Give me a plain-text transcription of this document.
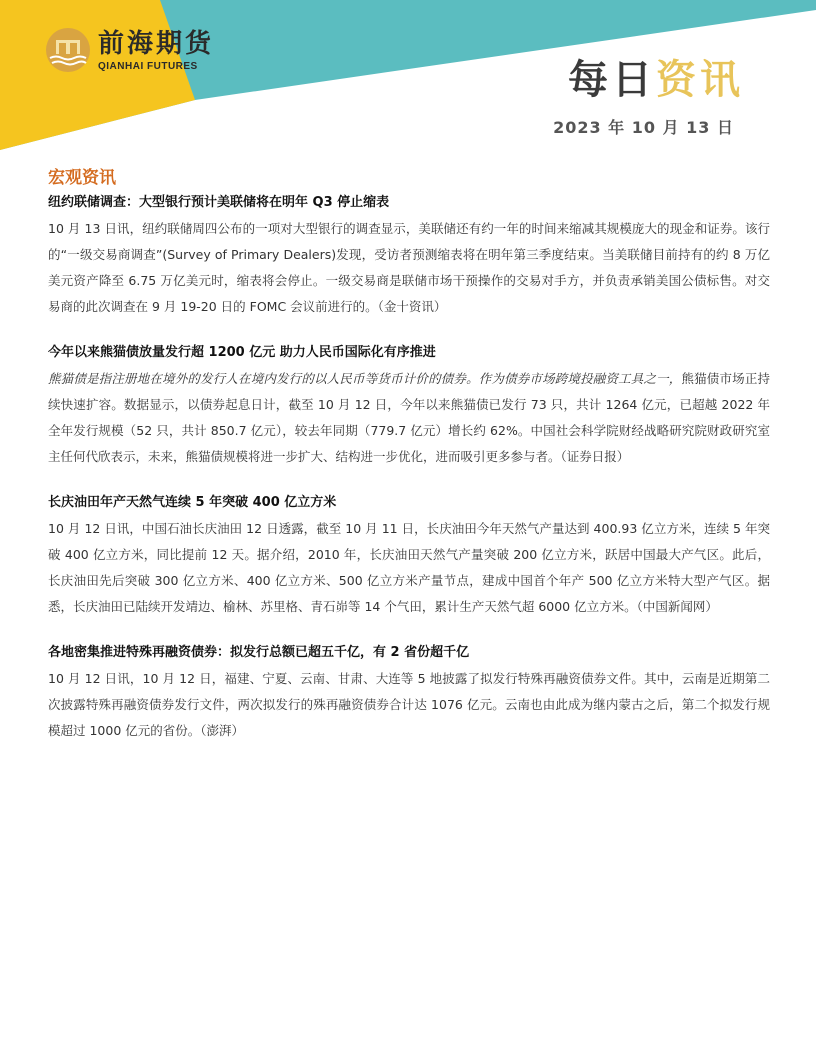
前海期货
QIANHAI FUTURES	每日资讯
2023 年 10 月 13 日
宏观资讯
纽约联储调查：大型银行预计美联储将在明年 Q3 停止缩表
10 月 13 日讯，纽约联储周四公布的一项对大型银行的调查显示，美联储还有约一年的时间来缩减其规模庞大的现金和证券。该行的“一级交易商调查”(Survey of Primary Dealers)发现，受访者预测缩表将在明年第三季度结束。当美联储目前持有的约 8 万亿美元资产降至 6.75 万亿美元时，缩表将会停止。一级交易商是联储市场干预操作的交易对手方，并负责承销美国公债标售。对交易商的此次调查在 9 月 19-20 日的 FOMC 会议前进行的。（金十资讯）
今年以来熊猫债放量发行超 1200 亿元 助力人民币国际化有序推进
熊猫债是指注册地在境外的发行人在境内发行的以人民币等货币计价的债券。作为债券市场跨境投融资工具之一，熊猫债市场正持续快速扩容。数据显示，以债券起息日计，截至 10 月 12 日，今年以来熊猫债已发行 73 只，共计 1264 亿元，已超越 2022 年全年发行规模（52 只，共计 850.7 亿元），较去年同期（779.7 亿元）增长约 62%。中国社会科学院财经战略研究院财政研究室主任何代欣表示，未来，熊猫债规模将进一步扩大、结构进一步优化，进而吸引更多参与者。（证券日报）
长庆油田年产天然气连续 5 年突破 400 亿立方米
10 月 12 日讯，中国石油长庆油田 12 日透露，截至 10 月 11 日，长庆油田今年天然气产量达到 400.93 亿立方米，连续 5 年突破 400 亿立方米，同比提前 12 天。据介绍，2010 年，长庆油田天然气产量突破 200 亿立方米，跃居中国最大产气区。此后，长庆油田先后突破 300 亿立方米、400 亿立方米、500 亿立方米产量节点，建成中国首个年产 500 亿立方米特大型产气区。据悉，长庆油田已陆续开发靖边、榆林、苏里格、青石峁等 14 个气田，累计生产天然气超 6000 亿立方米。（中国新闻网）
各地密集推进特殊再融资债券：拟发行总额已超五千亿，有 2 省份超千亿
10 月 12 日讯，10 月 12 日，福建、宁夏、云南、甘肃、大连等 5 地披露了拟发行特殊再融资债券文件。其中，云南是近期第二次披露特殊再融资债券发行文件，两次拟发行的殊再融资债券合计达 1076 亿元。云南也由此成为继内蒙古之后，第二个拟发行规模超过 1000 亿元的省份。（澎湃）
